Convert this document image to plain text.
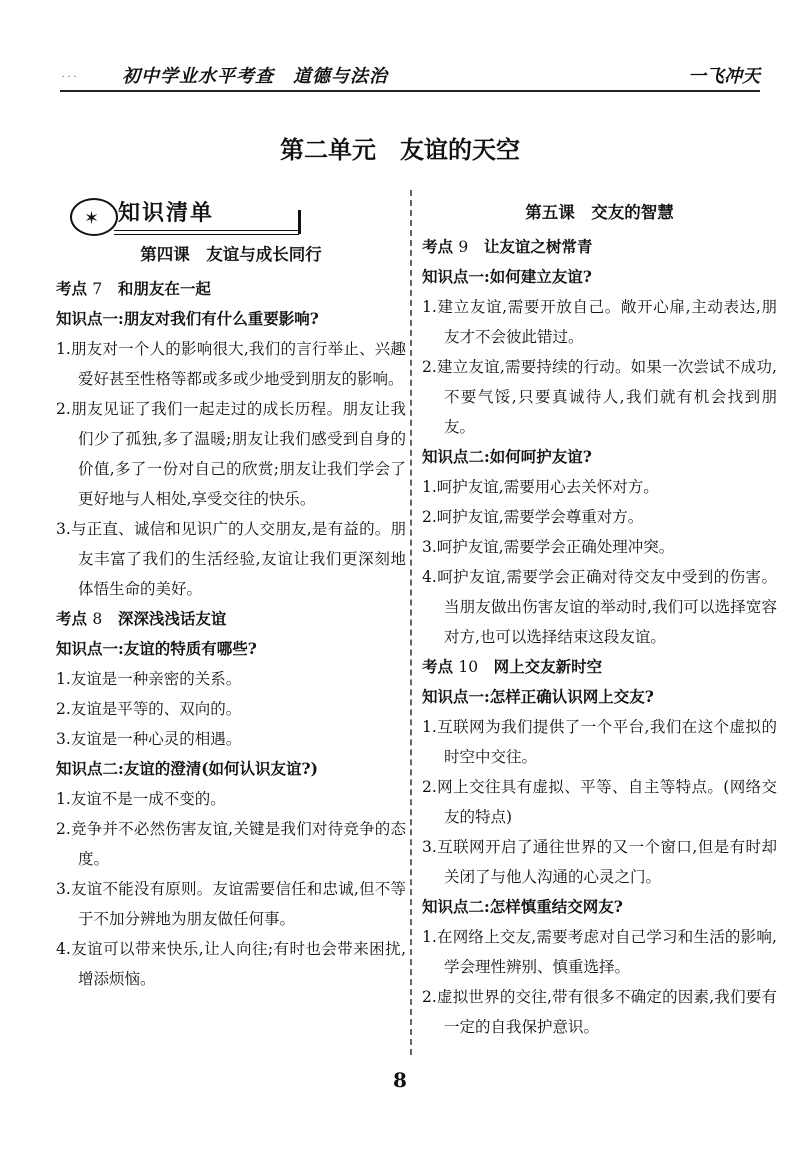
˙˙˙ 初中学业水平考查　道德与法治	一飞冲天
第二单元　友谊的天空
✶ 知识清单

第四课　友谊与成长同行

考点 7　 和朋友在一起

知识点一:朋友对我们有什么重要影响?

1.朋友对一个人的影响很大,我们的言行举止、兴趣爱好甚至性格等都或多或少地受到朋友的影响。

2.朋友见证了我们一起走过的成长历程。朋友让我们少了孤独,多了温暖;朋友让我们感受到自身的价值,多了一份对自己的欣赏;朋友让我们学会了更好地与人相处,享受交往的快乐。

3.与正直、诚信和见识广的人交朋友,是有益的。朋友丰富了我们的生活经验,友谊让我们更深刻地体悟生命的美好。

考点 8　 深深浅浅话友谊

知识点一:友谊的特质有哪些?

1.友谊是一种亲密的关系。

2.友谊是平等的、双向的。

3.友谊是一种心灵的相遇。

知识点二:友谊的澄清(如何认识友谊?)

1.友谊不是一成不变的。

2.竞争并不必然伤害友谊,关键是我们对待竞争的态度。

3.友谊不能没有原则。友谊需要信任和忠诚,但不等于不加分辨地为朋友做任何事。

4.友谊可以带来快乐,让人向往;有时也会带来困扰,增添烦恼。

第五课　交友的智慧

考点 9　 让友谊之树常青

知识点一:如何建立友谊?

1.建立友谊,需要开放自己。敞开心扉,主动表达,朋友才不会彼此错过。

2.建立友谊,需要持续的行动。如果一次尝试不成功,不要气馁,只要真诚待人,我们就有机会找到朋友。

知识点二:如何呵护友谊?

1.呵护友谊,需要用心去关怀对方。

2.呵护友谊,需要学会尊重对方。

3.呵护友谊,需要学会正确处理冲突。

4.呵护友谊,需要学会正确对待交友中受到的伤害。当朋友做出伤害友谊的举动时,我们可以选择宽容对方,也可以选择结束这段友谊。

考点 10　 网上交友新时空

知识点一:怎样正确认识网上交友?

1.互联网为我们提供了一个平台,我们在这个虚拟的时空中交往。

2.网上交往具有虚拟、平等、自主等特点。(网络交友的特点)

3.互联网开启了通往世界的又一个窗口,但是有时却关闭了与他人沟通的心灵之门。

知识点二:怎样慎重结交网友?

1.在网络上交友,需要考虑对自己学习和生活的影响,学会理性辨别、慎重选择。

2.虚拟世界的交往,带有很多不确定的因素,我们要有一定的自我保护意识。

8
